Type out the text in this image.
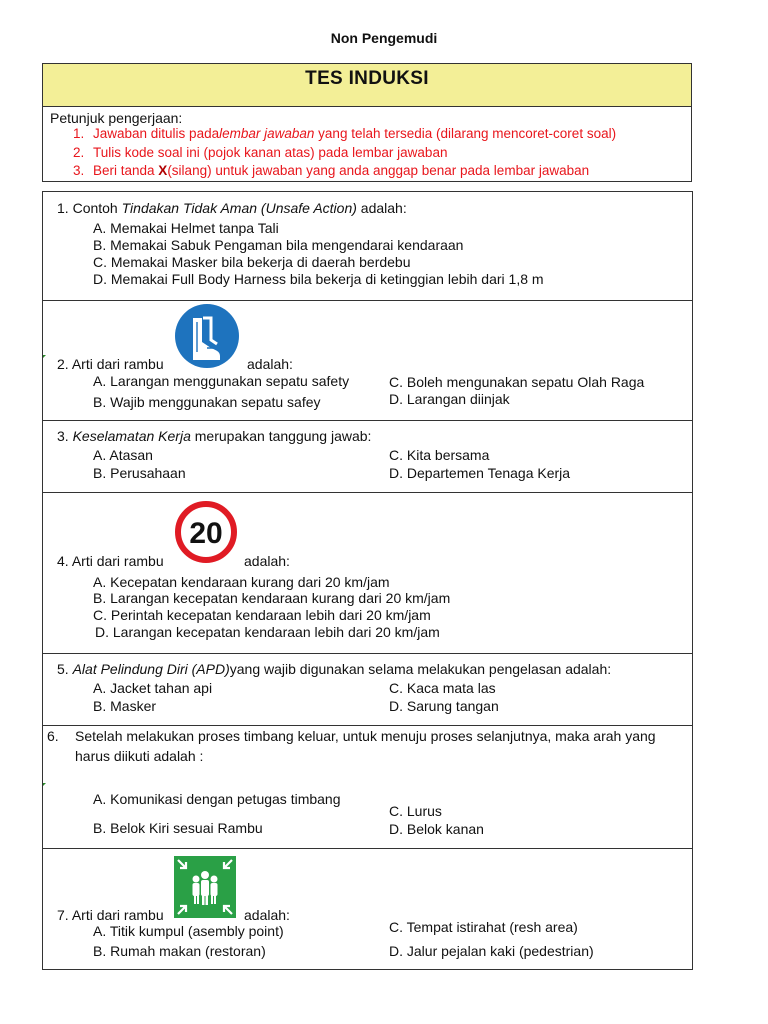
Non Pengemudi
TES INDUKSI
Petunjuk pengerjaan:
1. Jawaban ditulis padalembar jawaban yang telah tersedia (dilarang mencoret-coret soal)
2. Tulis kode soal ini (pojok kanan atas) pada lembar jawaban
3. Beri tanda X(silang) untuk jawaban yang anda anggap benar pada lembar jawaban
1. Contoh Tindakan Tidak Aman (Unsafe Action) adalah:
A. Memakai Helmet tanpa Tali
B. Memakai Sabuk Pengaman bila mengendarai kendaraan
C. Memakai Masker bila bekerja di daerah berdebu
D. Memakai Full Body Harness bila bekerja di ketinggian lebih dari 1,8 m
2. Arti dari rambu	adalah:
A. Larangan menggunakan sepatu safety
B. Wajib menggunakan sepatu safey
C. Boleh mengunakan sepatu Olah Raga
D. Larangan diinjak
3. Keselamatan Kerja merupakan tanggung jawab:
A. Atasan
B. Perusahaan
C. Kita bersama
D. Departemen Tenaga Kerja
20
4. Arti dari rambu	adalah:
A. Kecepatan kendaraan kurang dari 20 km/jam
B. Larangan kecepatan kendaraan kurang dari 20 km/jam
C. Perintah kecepatan kendaraan lebih dari 20 km/jam
D. Larangan kecepatan kendaraan lebih dari 20 km/jam
5. Alat Pelindung Diri (APD)yang wajib digunakan selama melakukan pengelasan adalah:
A. Jacket tahan api
B. Masker
C. Kaca mata las
D. Sarung tangan
6. Setelah melakukan proses timbang keluar, untuk menuju proses selanjutnya, maka arah yang
harus diikuti adalah :
A. Komunikasi dengan petugas timbang
B. Belok Kiri sesuai Rambu
C. Lurus
D. Belok kanan
7. Arti dari rambu	adalah:
A. Titik kumpul (asembly point)
B. Rumah makan (restoran)
C. Tempat istirahat (resh area)
D. Jalur pejalan kaki (pedestrian)
